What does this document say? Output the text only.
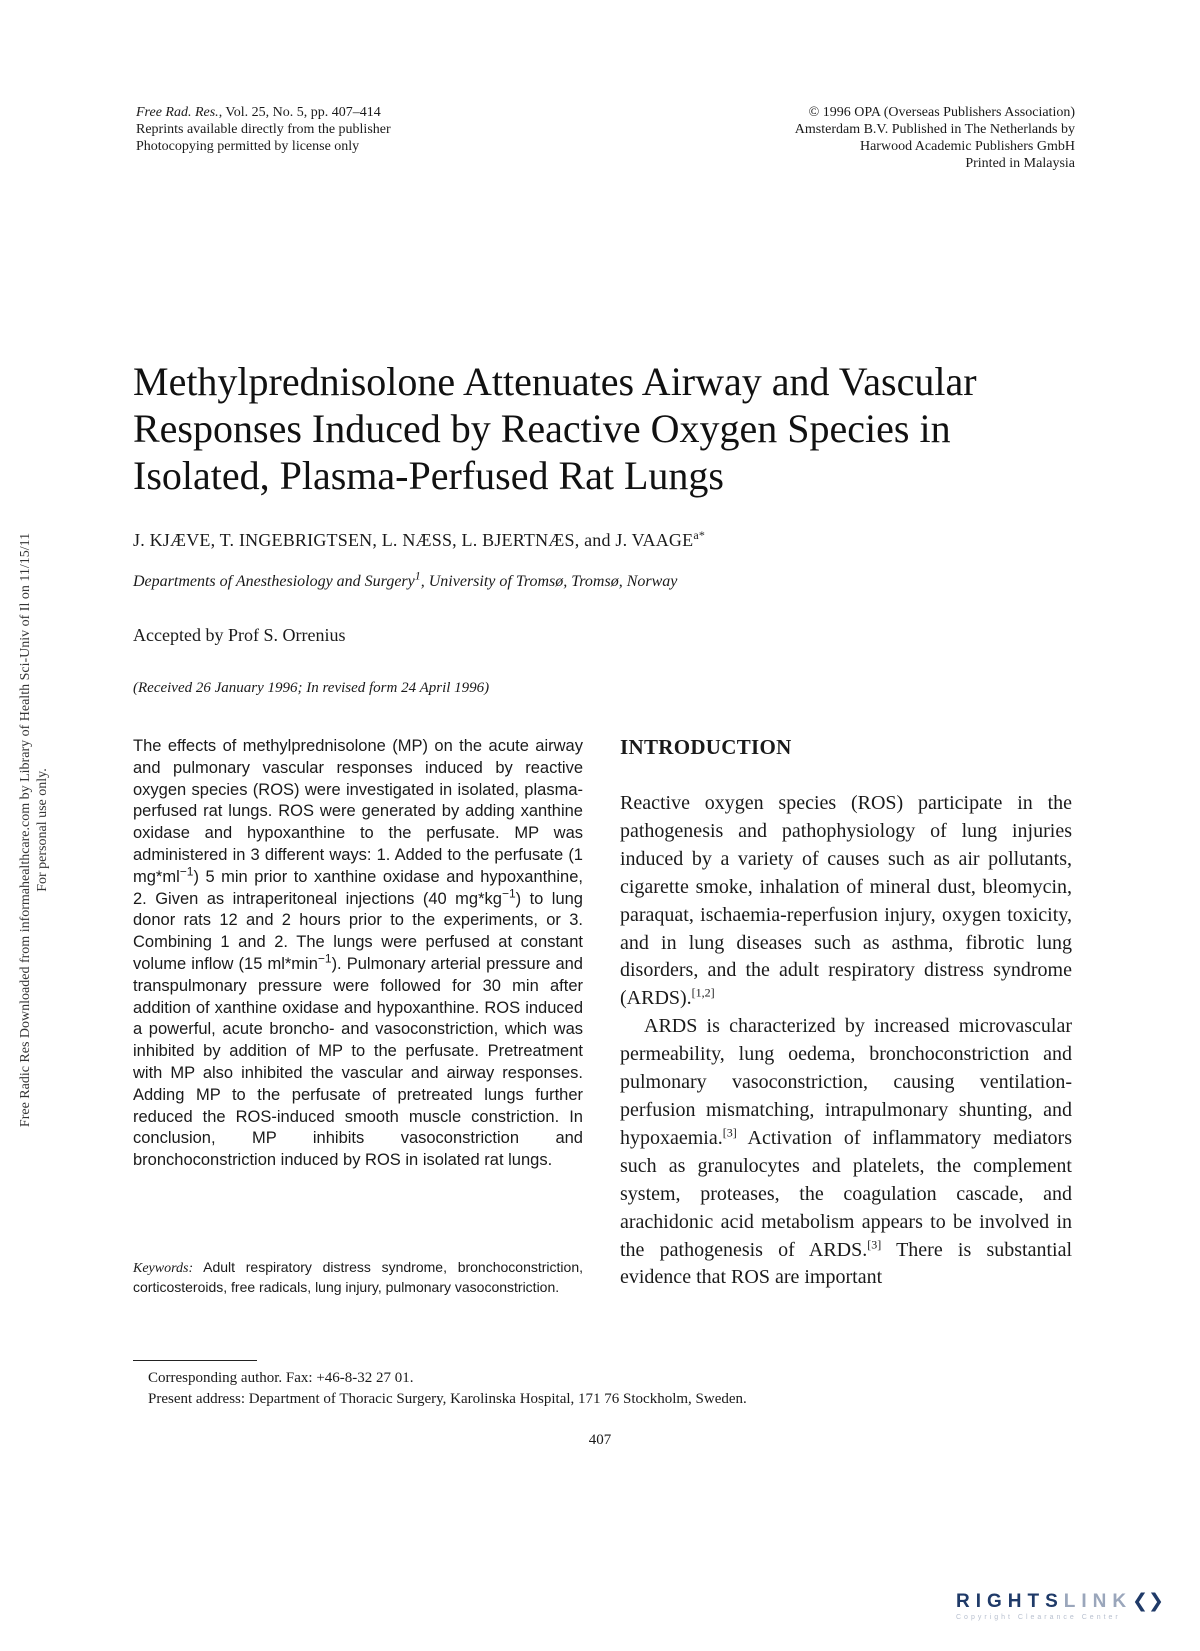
Free Rad. Res., Vol. 25, No. 5, pp. 407–414
Reprints available directly from the publisher
Photocopying permitted by license only
© 1996 OPA (Overseas Publishers Association)
Amsterdam B.V. Published in The Netherlands by
Harwood Academic Publishers GmbH
Printed in Malaysia
Free Radic Res Downloaded from informahealthcare.com by Library of Health Sci-Univ of Il on 11/15/11 For personal use only.
Methylprednisolone Attenuates Airway and Vascular
Responses Induced by Reactive Oxygen Species in
Isolated, Plasma-Perfused Rat Lungs
J. KJÆVE, T. INGEBRIGTSEN, L. NÆSS, L. BJERTNÆS, and J. $VAAGE^{a*}$
Departments of Anesthesiology and Surgery$^1$, University of Tromsø, Tromsø, Norway
Accepted by Prof S. Orrenius
(Received 26 January 1996; In revised form 24 April 1996)
The effects of methylprednisolone (MP) on the acute airway and pulmonary vascular responses induced by reactive oxygen species (ROS) were investigated in isolated, plasma-perfused rat lungs. ROS were generated by adding xanthine oxidase and hypoxanthine to the perfusate. MP was administered in 3 different ways: 1. Added to the perfusate (1 $mg*ml^{-1}$) 5 min prior to xanthine oxidase and hypoxanthine, 2. Given as intraperitoneal injections (40 $mg*kg^{-1}$) to lung donor rats 12 and 2 hours prior to the experiments, or 3. Combining 1 and 2. The lungs were perfused at constant volume inflow (15 $ml*\min^{-1}$). Pulmonary arterial pressure and transpulmonary pressure were followed for 30 min after addition of xanthine oxidase and hypoxanthine. ROS induced a powerful, acute broncho- and vasoconstriction, which was inhibited by addition of MP to the perfusate. Pretreatment with MP also inhibited the vascular and airway responses. Adding MP to the perfusate of pretreated lungs further reduced the ROS-induced smooth muscle constriction. In conclusion, MP inhibits vasoconstriction and bronchoconstriction induced by ROS in isolated rat lungs.
Keywords: Adult respiratory distress syndrome, bronchoconstriction, corticosteroids, free radicals, lung injury, pulmonary vasoconstriction.
INTRODUCTION

Reactive oxygen species (ROS) participate in the pathogenesis and pathophysiology of lung injuries induced by a variety of causes such as air pollutants, cigarette smoke, inhalation of mineral dust, bleomycin, paraquat, ischaemia-reperfusion injury, oxygen toxicity, and in lung diseases such as asthma, fibrotic lung disorders, and the adult respiratory distress syndrome (ARDS).[1,2]

ARDS is characterized by increased microvascular permeability, lung oedema, bronchoconstriction and pulmonary vasoconstriction, causing ventilation-perfusion mismatching, intrapulmonary shunting, and hypoxaemia.[3] Activation of inflammatory mediators such as granulocytes and platelets, the complement system, proteases, the coagulation cascade, and arachidonic acid metabolism appears to be involved in the pathogenesis of ARDS.[3] There is substantial evidence that ROS are important

Corresponding author. Fax: +46-8-32 27 01.
Present address: Department of Thoracic Surgery, Karolinska Hospital, 171 76 Stockholm, Sweden.
407
RIGHTSLINK❮❯
Copyright Clearance Center
